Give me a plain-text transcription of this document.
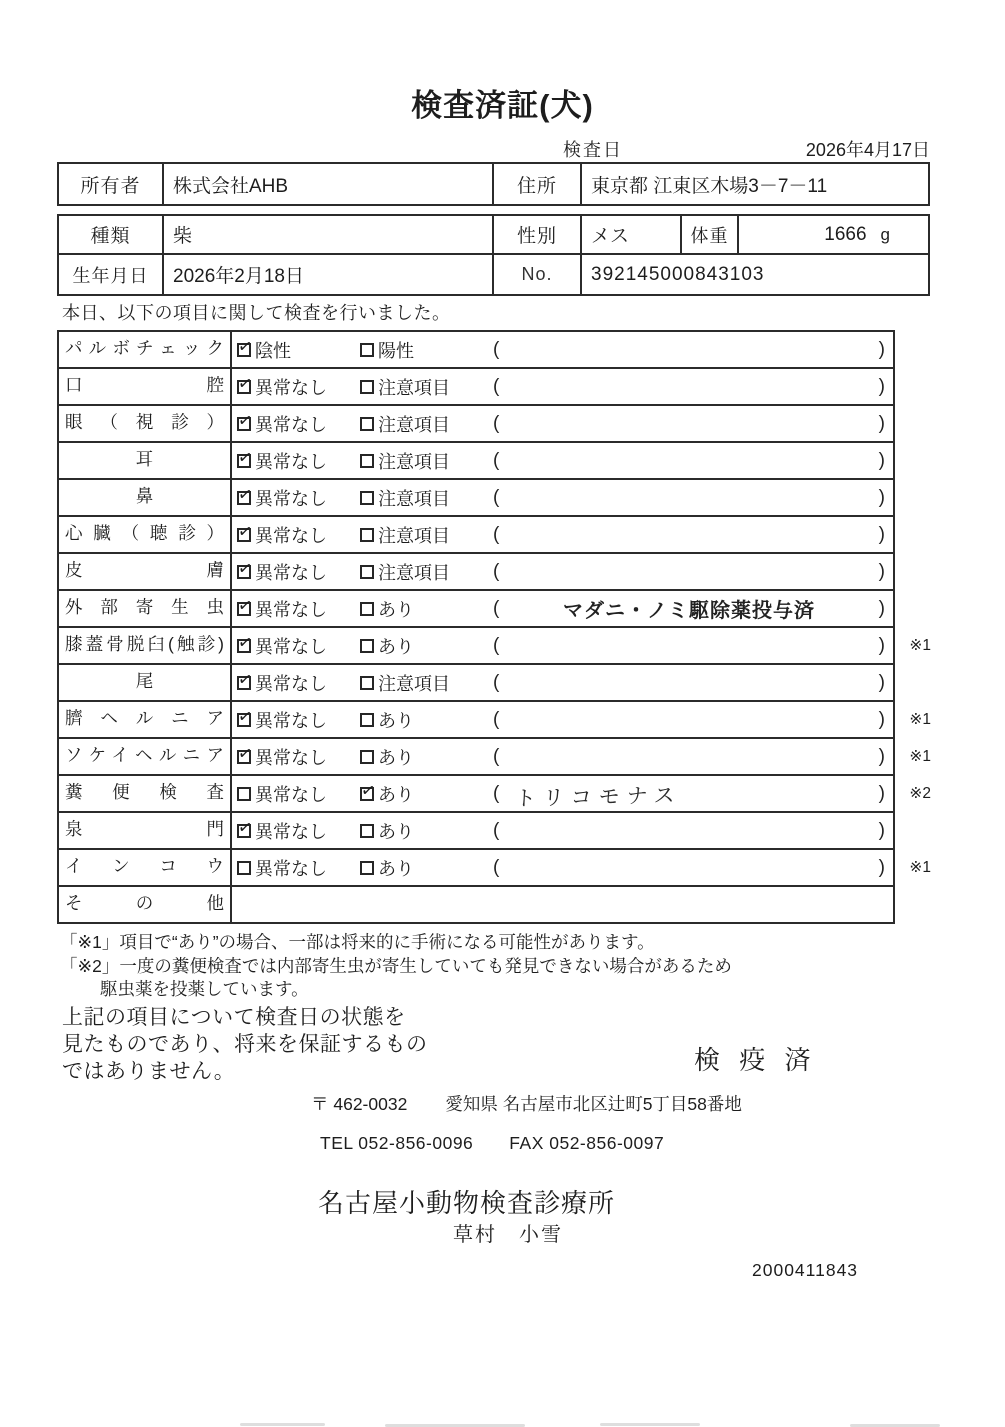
検査済証(犬)
検査日	2026年4月17日
所有者	株式会社AHB	住所	東京都 江東区木場3－7－11
種類	柴	性別	メス	体重	1666 g
生年月日	2026年2月18日	No.	392145000843103
本日、以下の項目に関して検査を行いました。
パルボチェック ✓ 陰性	陽性	(	)
口腔 ✓ 異常なし	注意項目 (	)
眼（視診） ✓ 異常なし	注意項目 (	)
耳	✓ 異常なし	注意項目 (	)
鼻	✓ 異常なし	注意項目 (	)
心臓（聴診） ✓ 異常なし	注意項目 (	)
皮膚 ✓ 異常なし	注意項目 (	)
外部寄生虫 ✓ 異常なし	あり	(	マダニ・ノミ駆除薬投与済	)
膝蓋骨脱臼(触診) ✓ 異常なし	あり	(	)	※1
尾	✓ 異常なし	注意項目 (	)
臍ヘルニア ✓ 異常なし	あり	(	)	※1
ソケイヘルニア ✓ 異常なし	あり	(	)	※1
糞便検査	異常なし ✓ あり	( トリコモナス	)	※2
泉門 ✓ 異常なし	あり	(	)
インコウ	異常なし	あり	(	)	※1
その他
「※1」項目で“あり”の場合、一部は将来的に手術になる可能性があります。
「※2」一度の糞便検査では内部寄生虫が寄生していても発見できない場合があるため
駆虫薬を投薬しています。
上記の項目について検査日の状態を
見たものであり、将来を保証するもの
ではありません。	検 疫 済
〒 462-0032 愛知県 名古屋市北区辻町5丁目58番地
TEL 052-856-0096 FAX 052-856-0097
名古屋小動物検査診療所
草村　小雪
2000411843
